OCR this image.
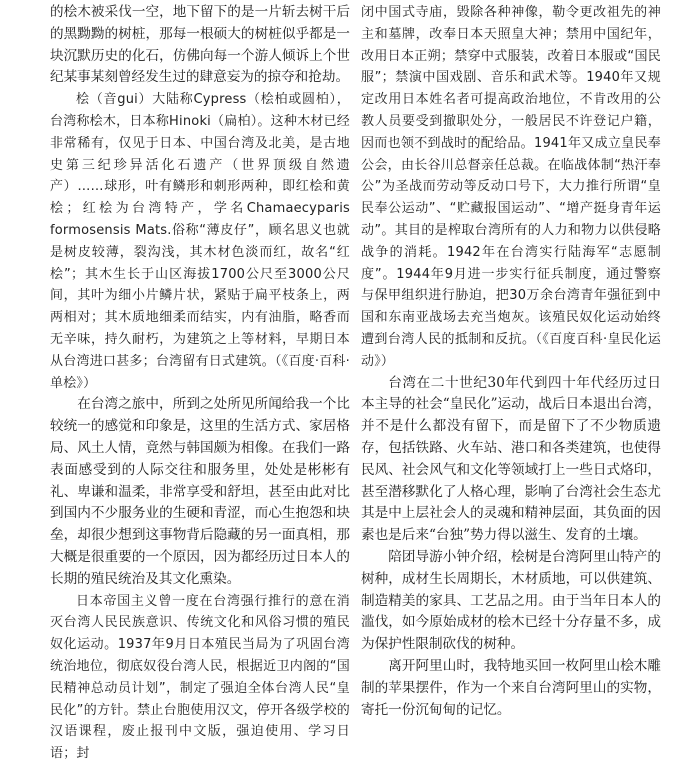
的桧木被采伐一空，地下留下的是一片斩去树干后的黑黝黝的树桩，那每一根硕大的树桩似乎都是一块沉默历史的化石，仿佛向每一个游人倾诉上个世纪某事某刻曾经发生过的肆意妄为的掠夺和抢劫。

桧（音gui）大陆称Cypress（桧柏或圆柏），台湾称桧木，日本称Hinoki（扁柏）。这种木材已经非常稀有，仅见于日本、中国台湾及北美，是古地史第三纪珍异活化石遗产（世界顶级自然遗产）……球形，叶有鳞形和刺形两种，即红桧和黄桧；红桧为台湾特产，学名Chamaecyparis formosensis Mats.俗称“薄皮仔”，顾名思义也就是树皮较薄，裂沟浅，其木材色淡而红，故名“红桧”；其木生长于山区海拔1700公尺至3000公尺间，其叶为细小片鳞片状，紧贴于扁平枝条上，两两相对；其木质地细柔而结实，内有油脂，略香而无辛味，持久耐朽，为建筑之上等材料，早期日本从台湾进口甚多；台湾留有日式建筑。（《百度·百科·单桧》）

在台湾之旅中，所到之处所见所闻给我一个比较统一的感觉和印象是，这里的生活方式、家居格局、风土人情，竟然与韩国颇为相像。在我们一路表面感受到的人际交往和服务里，处处是彬彬有礼、卑谦和温柔，非常享受和舒坦，甚至由此对比到国内不少服务业的生硬和青涩，而心生抱怨和块垒，却很少想到这事物背后隐藏的另一面真相，那大概是很重要的一个原因，因为都经历过日本人的长期的殖民统治及其文化熏染。

日本帝国主义曾一度在台湾强行推行的意在消灭台湾人民民族意识、传统文化和风俗习惯的殖民奴化运动。1937年9月日本殖民当局为了巩固台湾统治地位，彻底奴役台湾人民，根据近卫内阁的“国民精神总动员计划”，制定了强迫全体台湾人民“皇民化”的方针。禁止台胞使用汉文，停开各级学校的汉语课程，废止报刊中文版，强迫使用、学习日语；封

闭中国式寺庙，毁除各种神像，勒令更改祖先的神主和墓牌，改奉日本天照皇大神；禁用中国纪年，改用日本正朔；禁穿中式服装，改着日本服或“国民服”；禁演中国戏剧、音乐和武术等。1940年又规定改用日本姓名者可提高政治地位，不肯改用的公教人员要受到撤职处分，一般居民不许登记户籍，因而也领不到战时的配给品。1941年又成立皇民奉公会，由长谷川总督亲任总裁。在临战体制“热汗奉公”为圣战而劳动等反动口号下，大力推行所谓“皇民奉公运动”、“贮藏报国运动”、“增产挺身青年运动”。其目的是榨取台湾所有的人力和物力以供侵略战争的消耗。1942年在台湾实行陆海军“志愿制度”。1944年9月进一步实行征兵制度，通过警察与保甲组织进行胁迫，把30万余台湾青年强征到中国和东南亚战场去充当炮灰。该殖民奴化运动始终遭到台湾人民的抵制和反抗。（《百度百科·皇民化运动》）

台湾在二十世纪30年代到四十年代经历过日本主导的社会“皇民化”运动，战后日本退出台湾，并不是什么都没有留下，而是留下了不少物质遗存，包括铁路、火车站、港口和各类建筑，也使得民风、社会风气和文化等领域打上一些日式烙印，甚至潜移默化了人格心理，影响了台湾社会生态尤其是中上层社会人的灵魂和精神层面，其负面的因素也是后来“台独”势力得以滋生、发育的土壤。

陪团导游小钟介绍，桧树是台湾阿里山特产的树种，成材生长周期长，木材质地，可以供建筑、制造精美的家具、工艺品之用。由于当年日本人的滥伐，如今原始成材的桧木已经十分存量不多，成为保护性限制砍伐的树种。

离开阿里山时，我特地买回一枚阿里山桧木雕制的苹果摆件，作为一个来自台湾阿里山的实物，寄托一份沉甸甸的记忆。
